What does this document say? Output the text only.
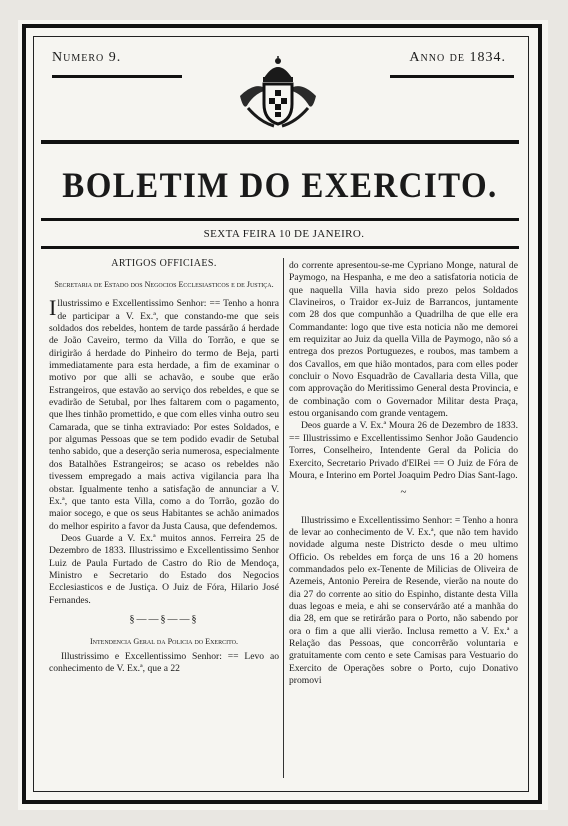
Numero 9.	Anno de 1834.
BOLETIM DO EXERCITO.
SEXTA FEIRA 10 DE JANEIRO.
ARTIGOS OFFICIAES.
Secretaria de Estado dos Negocios Ecclesiasticos e de Justiça.

Illustrissimo e Excellentissimo Senhor: == Tenho a honra de participar a V. Ex.ª, que constando-me que seis soldados dos rebeldes, hontem de tarde passárão á herdade de João Caveiro, termo da Villa do Torrão, e que se dirigirão á herdade do Pinheiro do termo de Beja, parti immediatamente para esta herdade, a fim de examinar o motivo por que alli se achavão, e soube que erão Estrangeiros, que estavão ao serviço dos rebeldes, e que se evadirão de Setubal, por lhes faltarem com o pagamento, que lhes tinhão promettido, e que com elles vinha outro seu Camarada, que se tinha extraviado: Por estes Soldados, e por algumas Pessoas que se tem podido evadir de Setubal tenho sabido, que a deserção seria numerosa, especialmente dos Batalhões Estrangeiros; se acaso os rebeldes não tivessem empregado a mais activa vigilancia para lha obstar. Igualmente tenho a satisfação de annunciar a V. Ex.ª, que tanto esta Villa, como a do Torrão, gozão do maior socego, e que os seus Habitantes se achão animados do melhor espirito a favor da Justa Causa, que defendemos.

Deos Guarde a V. Ex.ª muitos annos. Ferreira 25 de Dezembro de 1833. Illustrissimo e Excellentissimo Senhor Luiz de Paula Furtado de Castro do Rio de Mendoça, Ministro e Secretario do Estado dos Negocios Ecclesiasticos e de Justiça. O Juiz de Fóra, Hilario José Fernandes.

§——§——§
Intendencia Geral da Policia do Exercito.

Illustrissimo e Excellentissimo Senhor: == Levo ao conhecimento de V. Ex.ª, que a 22

do corrente apresentou-se-me Cypriano Monge, natural de Paymogo, na Hespanha, e me deo a satisfatoria noticia de que naquella Villa havia sido prezo pelos Soldados Clavineiros, o Traidor ex-Juiz de Barrancos, juntamente com 28 dos que compunhão a Quadrilha de que elle era Commandante: logo que tive esta noticia não me demorei em requizitar ao Juiz da quella Villa de Paymogo, não só a entrega dos prezos Portuguezes, e roubos, mas tambem a dos Cavallos, em que hião montados, para com elles poder concluir o Novo Esquadrão de Cavallaria desta Villa, que com approvação do Meritissimo General desta Provincia, e de combinação com o Governador Militar desta Praça, estou organisando com grande ventagem.

Deos guarde a V. Ex.ª Moura 26 de Dezembro de 1833. == Illustrissimo e Excellentissimo Senhor João Gaudencio Torres, Conselheiro, Intendente Geral da Policia do Exercito, Secretario Privado d'ElRei == O Juiz de Fóra de Moura, e Interino em Portel Joaquim Pedro Dias Sant-Iago.

~

Illustrissimo e Excellentissimo Senhor: = Tenho a honra de levar ao conhecimento de V. Ex.ª, que não tem havido novidade alguma neste Districto desde o meu ultimo Officio. Os rebeldes em força de uns 16 a 20 homens commandados pelo ex-Tenente de Milicias de Oliveira de Azemeis, Antonio Pereira de Resende, vierão na noute do dia 27 do corrente ao sitio do Espinho, distante desta Villa duas legoas e meia, e ahi se conservárão até a manhãa do dia 28, em que se retirárão para o Porto, não sabendo por ora o fim a que alli vierão. Inclusa remetto a V. Ex.ª a Relação das Pessoas, que concorrêrão voluntaria e gratuitamente com cento e sete Camisas para Vestuario do Exercito de Operações sobre o Porto, cujo Donativo promovi
